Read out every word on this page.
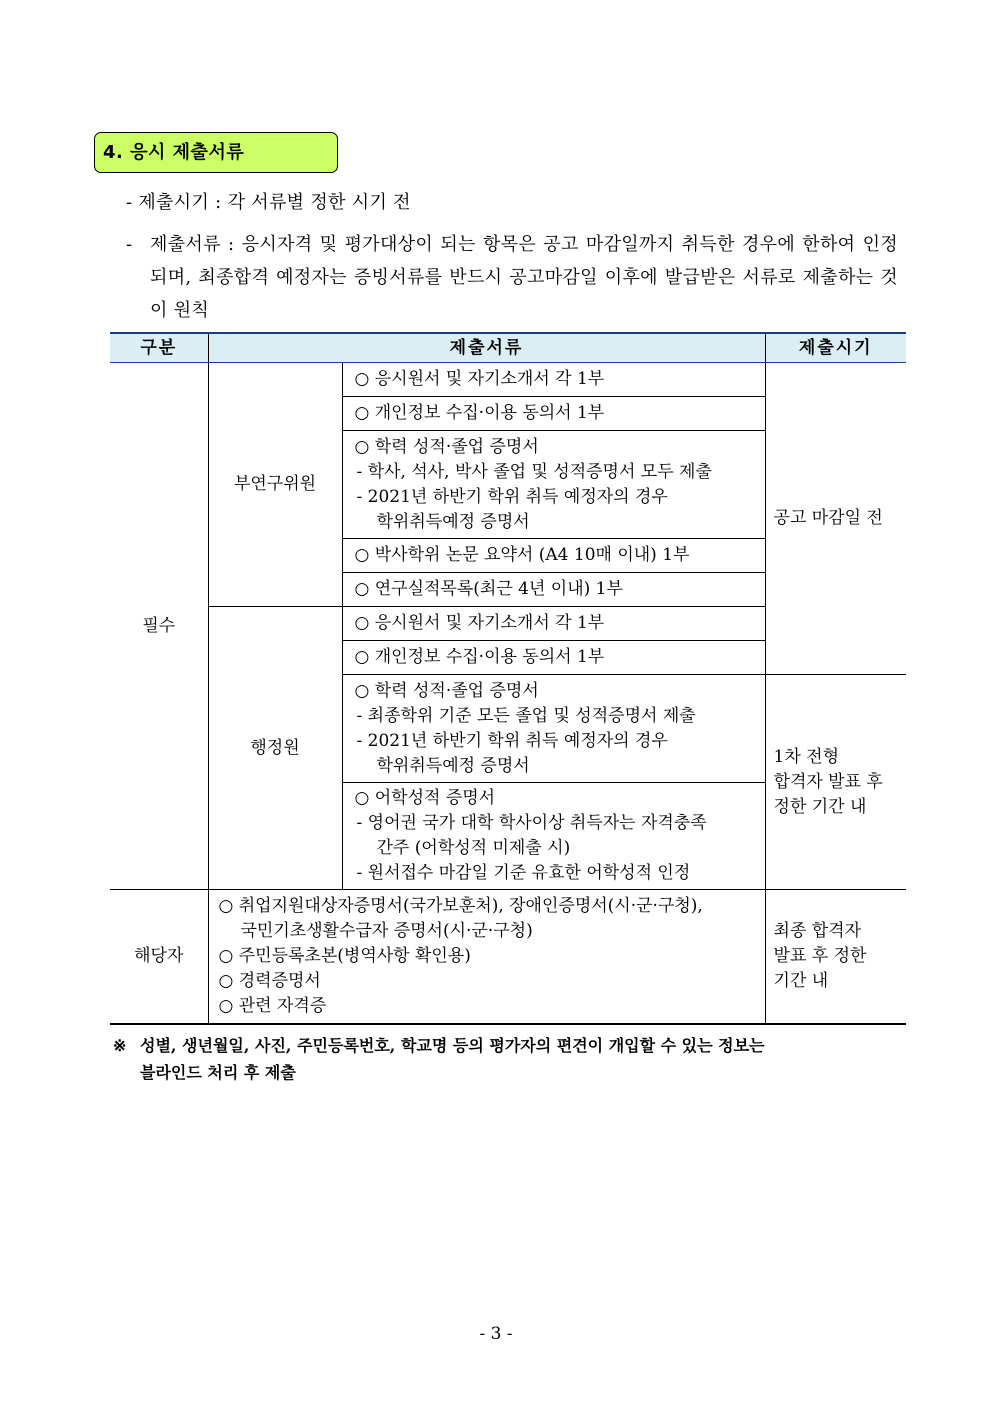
4. 응시 제출서류
- 제출시기 : 각 서류별 정한 시기 전
- 제출서류 : 응시자격 및 평가대상이 되는 항목은 공고 마감일까지 취득한 경우에 한하여 인정되며, 최종합격 예정자는 증빙서류를 반드시 공고마감일 이후에 발급받은 서류로 제출하는 것이 원칙
구분	제출서류		제출시기
필수	부연구위원	○ 응시원서 및 자기소개서 각 1부	공고 마감일 전

		○ 개인정보 수집·이용 동의서 1부	

		○ 학력 성적·졸업 증명서
- 학사, 석사, 박사 졸업 및 성적증명서 모두 제출
- 2021년 하반기 학위 취득 예정자의 경우
학위취득예정 증명서	

		○ 박사학위 논문 요약서 (A4 10매 이내) 1부	

		○ 연구실적목록(최근 4년 이내) 1부	

	행정원	○ 응시원서 및 자기소개서 각 1부	

		○ 개인정보 수집·이용 동의서 1부	

		○ 학력 성적·졸업 증명서
- 최종학위 기준 모든 졸업 및 성적증명서 제출
- 2021년 하반기 학위 취득 예정자의 경우
학위취득예정 증명서	1차 전형
합격자 발표 후
정한 기간 내

		○ 어학성적 증명서
- 영어권 국가 대학 학사이상 취득자는 자격충족
간주 (어학성적 미제출 시)
- 원서접수 마감일 기준 유효한 어학성적 인정	

해당자	○ 취업지원대상자증명서(국가보훈처), 장애인증명서(시·군·구청),
국민기초생활수급자 증명서(시·군·구청)
○ 주민등록초본(병역사항 확인용)
○ 경력증명서
○ 관련 자격증		최종 합격자
발표 후 정한
기간 내
※ 성별, 생년월일, 사진, 주민등록번호, 학교명 등의 평가자의 편견이 개입할 수 있는 정보는
블라인드 처리 후 제출
- 3 -
